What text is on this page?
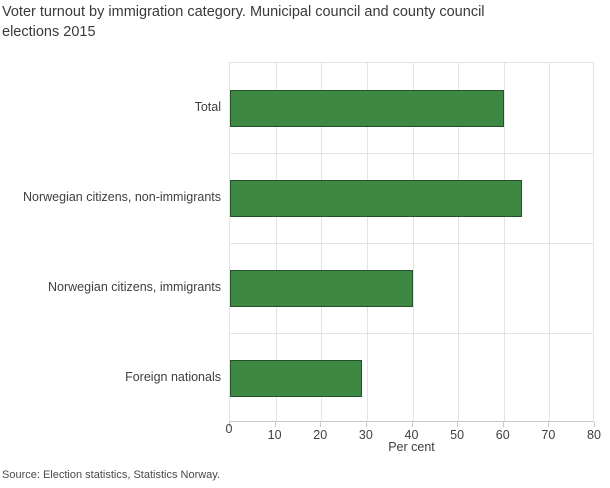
Voter turnout by immigration category. Municipal council and county council
elections 2015
Total
Norwegian citizens, non-immigrants
Norwegian citizens, immigrants
Foreign nationals
0	10	20	30	40	50	60	70	80
Per cent
Source: Election statistics, Statistics Norway.
